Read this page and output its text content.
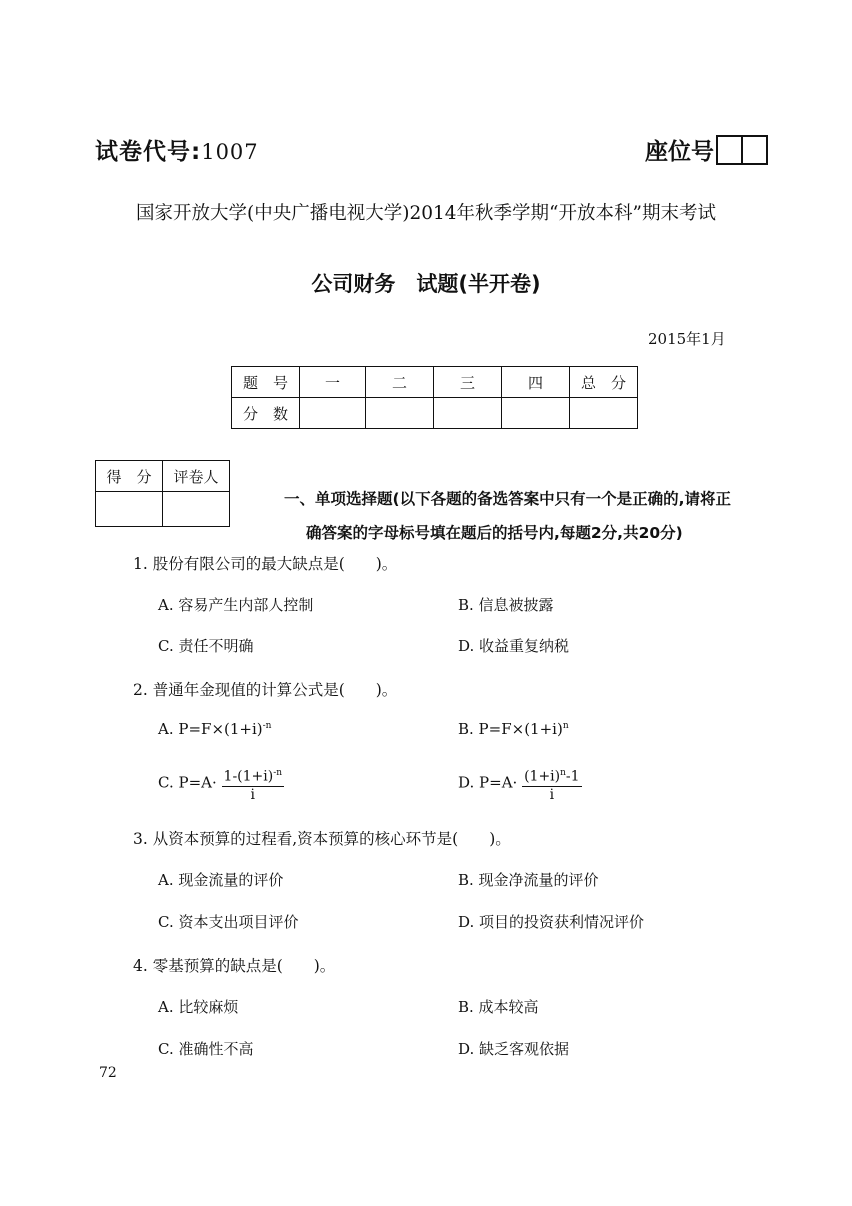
试卷代号:1007	座位号
国家开放大学(中央广播电视大学)2014年秋季学期“开放本科”期末考试
公司财务　试题(半开卷)
2015年1月
题　号	一	二	三	四	总　分
分　数					
得　分	评卷人

一、单项选择题(以下各题的备选答案中只有一个是正确的,请将正
确答案的字母标号填在题后的括号内,每题2分,共20分)
1. 股份有限公司的最大缺点是(　　)。
A. 容易产生内部人控制	B. 信息被披露
C. 责任不明确	D. 收益重复纳税
2. 普通年金现值的计算公式是(　　)。
A. $P=F\times(1+i)^{-n}$	B. $P=F\times(1+i)^n$
C. $P=A\cdot \frac{1-(1+i)^{-n}}{i}$	D. $P=A\cdot \frac{(1+i)^n-1}{i}$
3. 从资本预算的过程看,资本预算的核心环节是(　　)。
A. 现金流量的评价	B. 现金净流量的评价
C. 资本支出项目评价	D. 项目的投资获利情况评价
4. 零基预算的缺点是(　　)。
A. 比较麻烦	B. 成本较高
C. 准确性不高	D. 缺乏客观依据
72
